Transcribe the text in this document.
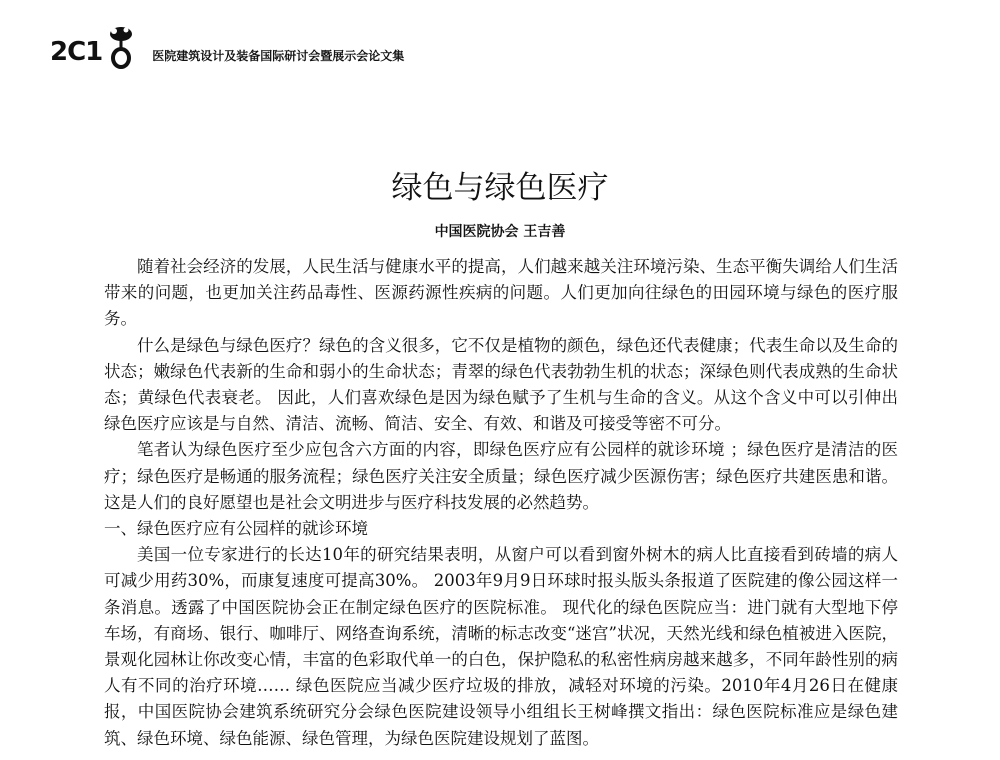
2C1	医院建筑设计及装备国际研讨会暨展示会论文集
绿色与绿色医疗
中国医院协会 王吉善

随着社会经济的发展，人民生活与健康水平的提高，人们越来越关注环境污染、生态平衡失调给人们生活带来的问题，也更加关注药品毒性、医源药源性疾病的问题。人们更加向往绿色的田园环境与绿色的医疗服务。

什么是绿色与绿色医疗？绿色的含义很多，它不仅是植物的颜色，绿色还代表健康；代表生命以及生命的状态；嫩绿色代表新的生命和弱小的生命状态；青翠的绿色代表勃勃生机的状态；深绿色则代表成熟的生命状态；黄绿色代表衰老。 因此，人们喜欢绿色是因为绿色赋予了生机与生命的含义。从这个含义中可以引伸出绿色医疗应该是与自然、清洁、流畅、简洁、安全、有效、和谐及可接受等密不可分。

笔者认为绿色医疗至少应包含六方面的内容，即绿色医疗应有公园样的就诊环境 ；绿色医疗是清洁的医疗；绿色医疗是畅通的服务流程；绿色医疗关注安全质量；绿色医疗减少医源伤害；绿色医疗共建医患和谐。这是人们的良好愿望也是社会文明进步与医疗科技发展的必然趋势。

一、绿色医疗应有公园样的就诊环境

美国一位专家进行的长达10年的研究结果表明，从窗户可以看到窗外树木的病人比直接看到砖墙的病人可减少用药30%，而康复速度可提高30%。 2003年9月9日环球时报头版头条报道了医院建的像公园这样一条消息。透露了中国医院协会正在制定绿色医疗的医院标准。 现代化的绿色医院应当：进门就有大型地下停车场，有商场、银行、咖啡厅、网络查询系统，清晰的标志改变“迷宫”状况，天然光线和绿色植被进入医院，景观化园林让你改变心情，丰富的色彩取代单一的白色，保护隐私的私密性病房越来越多，不同年龄性别的病人有不同的治疗环境…… 绿色医院应当减少医疗垃圾的排放，减轻对环境的污染。2010年4月26日在健康报，中国医院协会建筑系统研究分会绿色医院建设领导小组组长王树峰撰文指出：绿色医院标准应是绿色建筑、绿色环境、绿色能源、绿色管理，为绿色医院建设规划了蓝图。
